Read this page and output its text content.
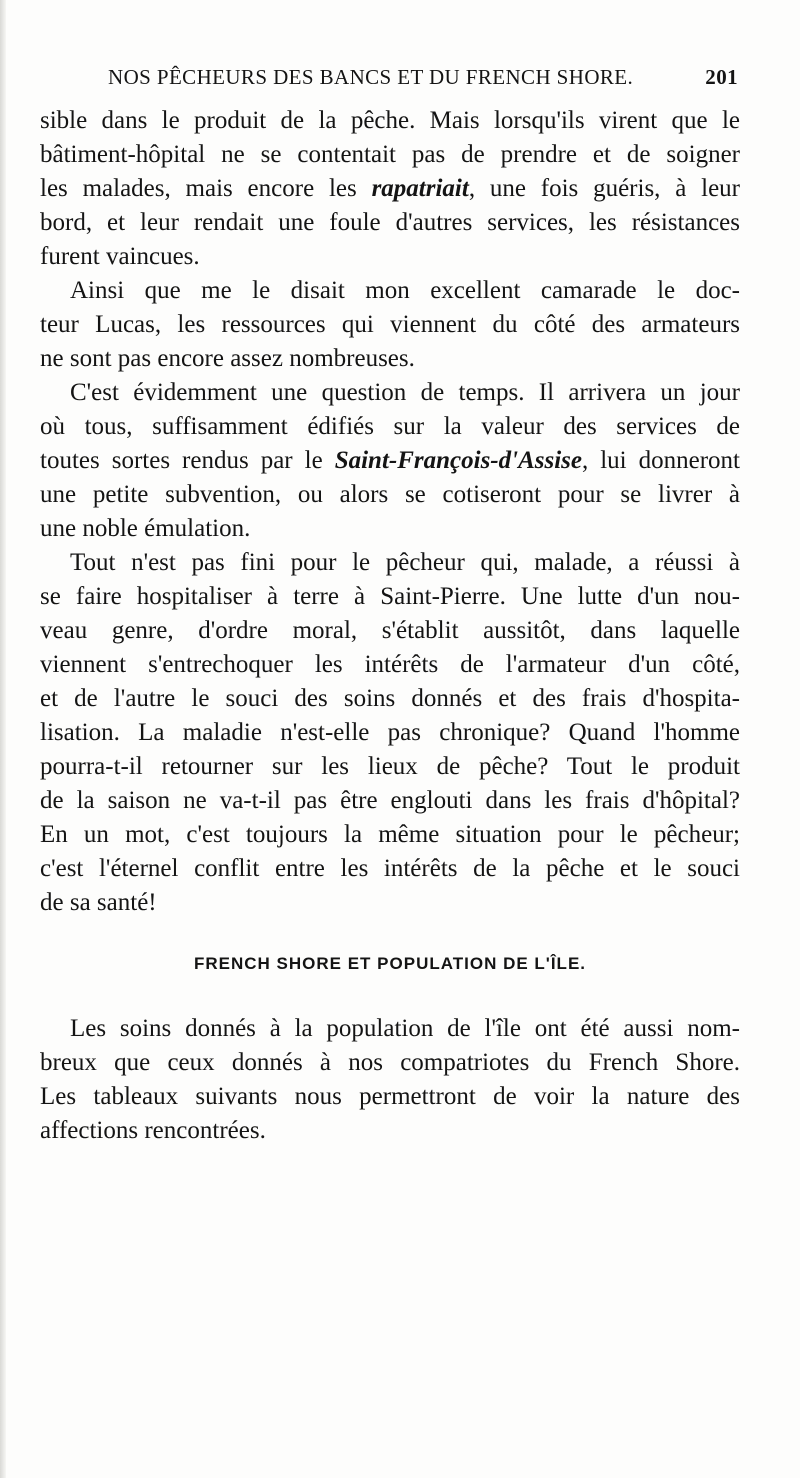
NOS PÊCHEURS DES BANCS ET DU FRENCH SHORE.	201
sible dans le produit de la pêche. Mais lorsqu'ils virent que le
bâtiment-hôpital ne se contentait pas de prendre et de soigner
les malades, mais encore les rapatriait, une fois guéris, à leur
bord, et leur rendait une foule d'autres services, les résistances
furent vaincues.
Ainsi que me le disait mon excellent camarade le doc-
teur Lucas, les ressources qui viennent du côté des armateurs
ne sont pas encore assez nombreuses.
C'est évidemment une question de temps. Il arrivera un jour
où tous, suffisamment édifiés sur la valeur des services de
toutes sortes rendus par le Saint-François-d'Assise, lui donneront
une petite subvention, ou alors se cotiseront pour se livrer à
une noble émulation.
Tout n'est pas fini pour le pêcheur qui, malade, a réussi à
se faire hospitaliser à terre à Saint-Pierre. Une lutte d'un nou-
veau genre, d'ordre moral, s'établit aussitôt, dans laquelle
viennent s'entrechoquer les intérêts de l'armateur d'un côté,
et de l'autre le souci des soins donnés et des frais d'hospita-
lisation. La maladie n'est-elle pas chronique? Quand l'homme
pourra-t-il retourner sur les lieux de pêche? Tout le produit
de la saison ne va-t-il pas être englouti dans les frais d'hôpital?
En un mot, c'est toujours la même situation pour le pêcheur;
c'est l'éternel conflit entre les intérêts de la pêche et le souci
de sa santé!
FRENCH SHORE ET POPULATION DE L'ÎLE.
Les soins donnés à la population de l'île ont été aussi nom-
breux que ceux donnés à nos compatriotes du French Shore.
Les tableaux suivants nous permettront de voir la nature des
affections rencontrées.
